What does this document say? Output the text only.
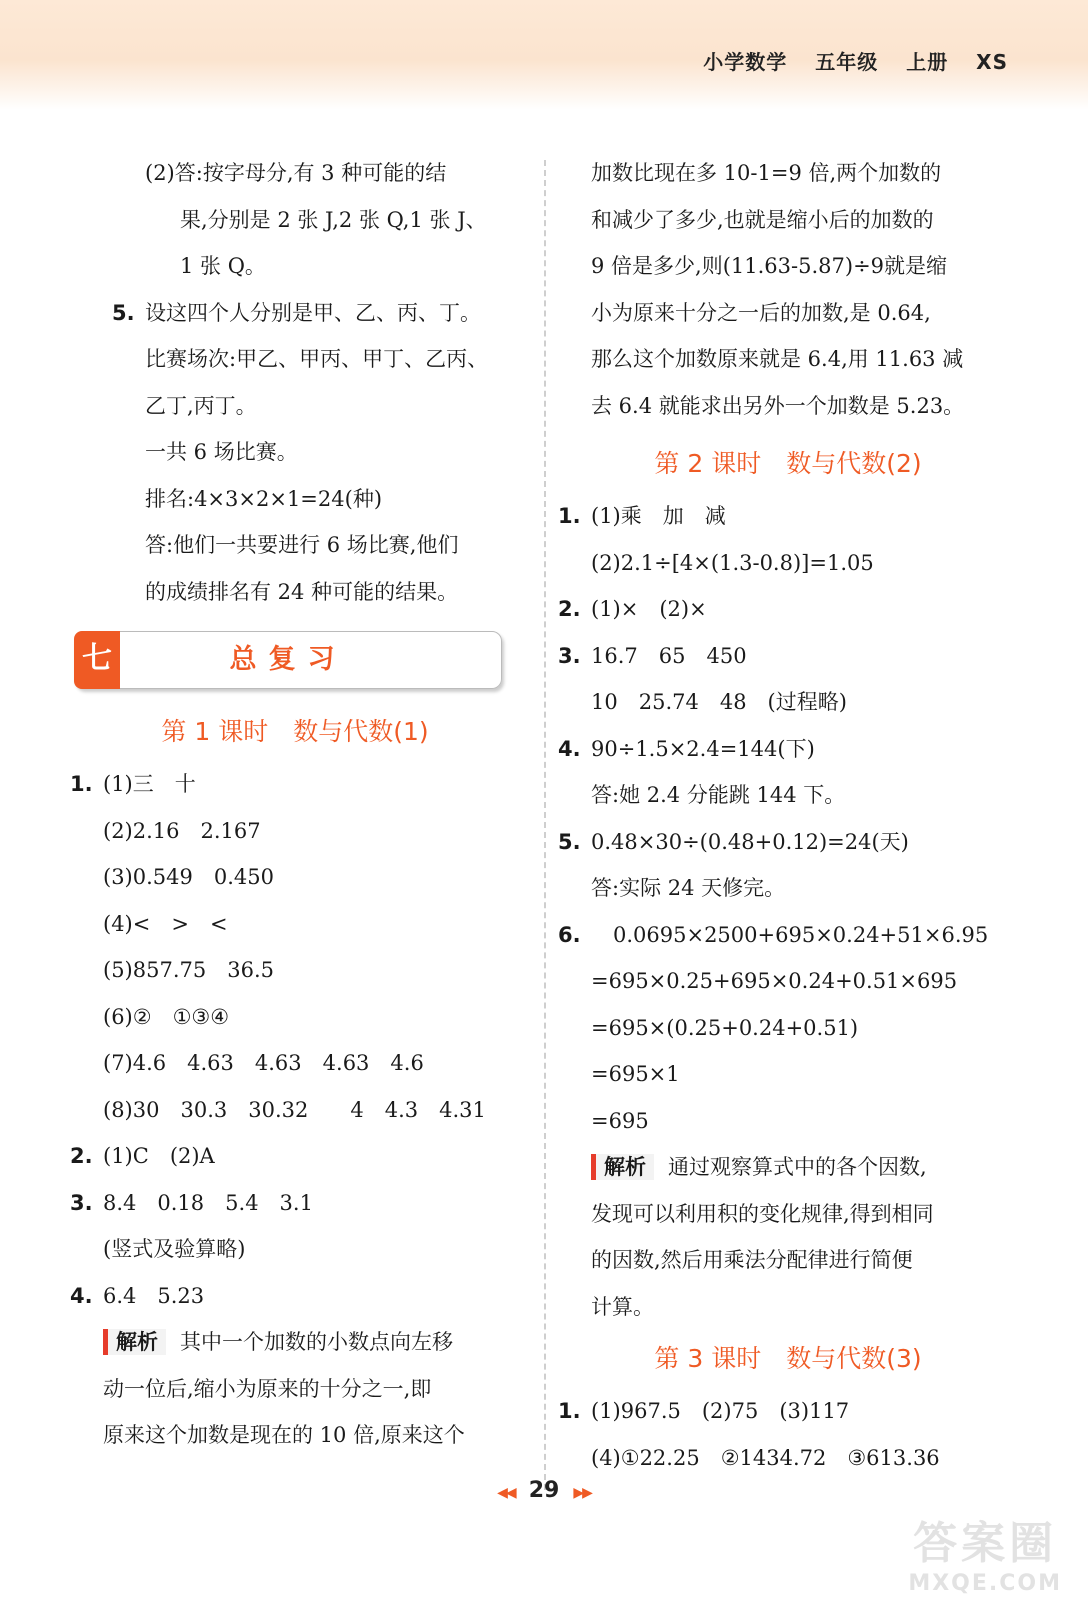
小学数学 五年级 上册 XS
(2)答:按字母分,有 3 种可能的结
果,分别是 2 张 J,2 张 Q,1 张 J、
1 张 Q。
5. 设这四个人分别是甲、乙、丙、丁。
比赛场次:甲乙、甲丙、甲丁、乙丙、
乙丁,丙丁。
一共 6 场比赛。
排名:4×3×2×1=24(种)
答:他们一共要进行 6 场比赛,他们
的成绩排名有 24 种可能的结果。
七	总复习
第 1 课时　数与代数(1)
1. (1)三　十
(2)2.16　2.167
(3)0.549　0.450
(4)<　>　<
(5)857.75　36.5
(6)②　①③④
(7)4.6　4.63　4.63　4.63　4.6
(8)30　30.3　30.32　　4　4.3　4.31
2. (1)C　(2)A
3. 8.4　0.18　5.4　3.1
(竖式及验算略)
4. 6.4　5.23
解析 其中一个加数的小数点向左移
动一位后,缩小为原来的十分之一,即
原来这个加数是现在的 10 倍,原来这个
加数比现在多 10-1=9 倍,两个加数的
和减少了多少,也就是缩小后的加数的
9 倍是多少,则(11.63-5.87)÷9就是缩
小为原来十分之一后的加数,是 0.64,
那么这个加数原来就是 6.4,用 11.63 减
去 6.4 就能求出另外一个加数是 5.23。
第 2 课时　数与代数(2)
1. (1)乘　加　减
(2)2.1÷[4×(1.3-0.8)]=1.05
2. (1)×　(2)×
3. 16.7　65　450
10　25.74　48　(过程略)
4. 90÷1.5×2.4=144(下)
答:她 2.4 分能跳 144 下。
5. 0.48×30÷(0.48+0.12)=24(天)
答:实际 24 天修完。
6. 0.0695×2500+695×0.24+51×6.95
=695×0.25+695×0.24+0.51×695
=695×(0.25+0.24+0.51)
=695×1
=695
解析 通过观察算式中的各个因数,
发现可以利用积的变化规律,得到相同
的因数,然后用乘法分配律进行简便
计算。
第 3 课时　数与代数(3)
1. (1)967.5　(2)75　(3)117
(4)①22.25　②1434.72　③613.36
◀◀ 29 ▶▶
答案圈
MXQE.COM
